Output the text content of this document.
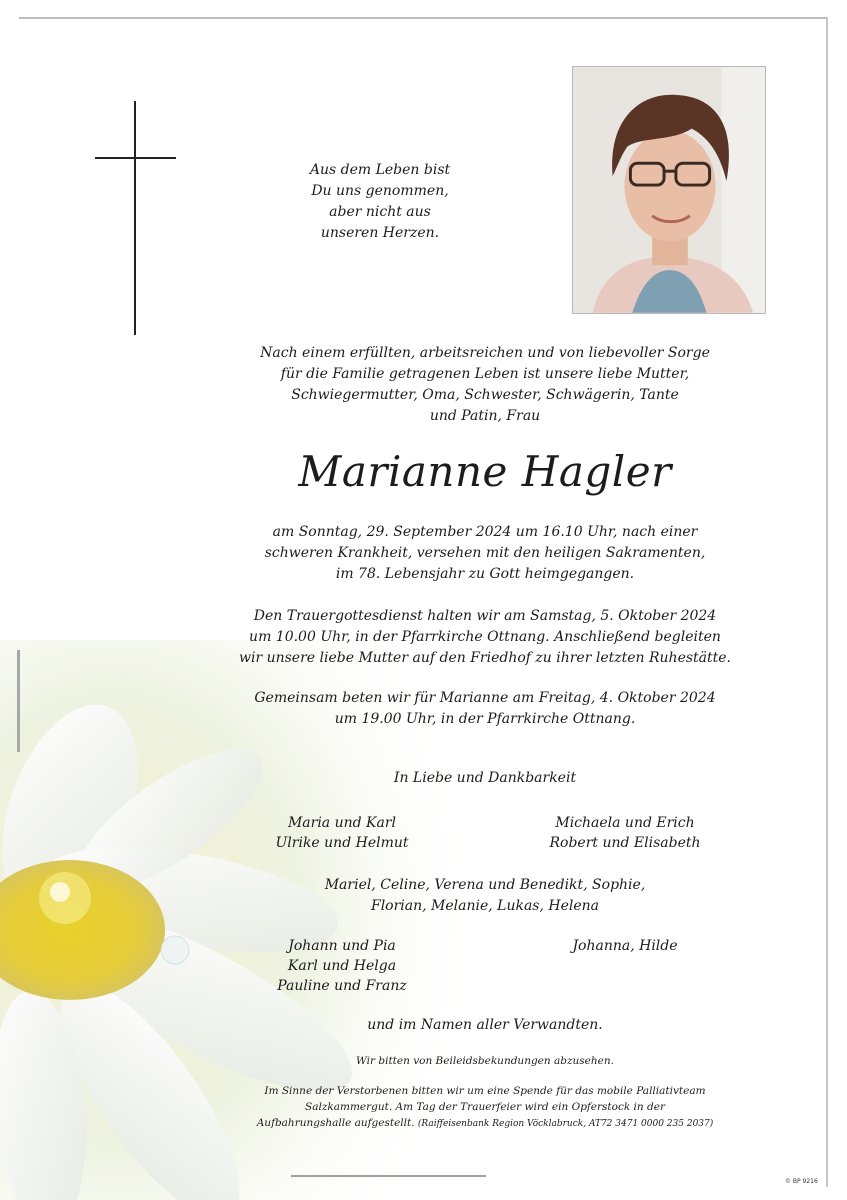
Aus dem Leben bist
Du uns genommen,
aber nicht aus
unseren Herzen.
Nach einem erfüllten, arbeitsreichen und von liebevoller Sorge
für die Familie getragenen Leben ist unsere liebe Mutter,
Schwiegermutter, Oma, Schwester, Schwägerin, Tante
und Patin, Frau
Marianne Hagler
am Sonntag, 29. September 2024 um 16.10 Uhr, nach einer
schweren Krankheit, versehen mit den heiligen Sakramenten,
im 78. Lebensjahr zu Gott heimgegangen.
Den Trauergottesdienst halten wir am Samstag, 5. Oktober 2024
um 10.00 Uhr, in der Pfarrkirche Ottnang. Anschließend begleiten
wir unsere liebe Mutter auf den Friedhof zu ihrer letzten Ruhestätte.
Gemeinsam beten wir für Marianne am Freitag, 4. Oktober 2024
um 19.00 Uhr, in der Pfarrkirche Ottnang.
In Liebe und Dankbarkeit
Maria und Karl
Ulrike und Helmut
Michaela und Erich
Robert und Elisabeth
Mariel, Celine, Verena und Benedikt, Sophie,
Florian, Melanie, Lukas, Helena
Johann und Pia
Karl und Helga
Pauline und Franz
Johanna, Hilde
und im Namen aller Verwandten.
Wir bitten von Beileidsbekundungen abzusehen.
Im Sinne der Verstorbenen bitten wir um eine Spende für das mobile Palliativteam
Salzkammergut. Am Tag der Trauerfeier wird ein Opferstock in der
Aufbahrungshalle aufgestellt. (Raiffeisenbank Region Vöcklabruck, AT72 3471 0000 235 2037)
© BP 9216
